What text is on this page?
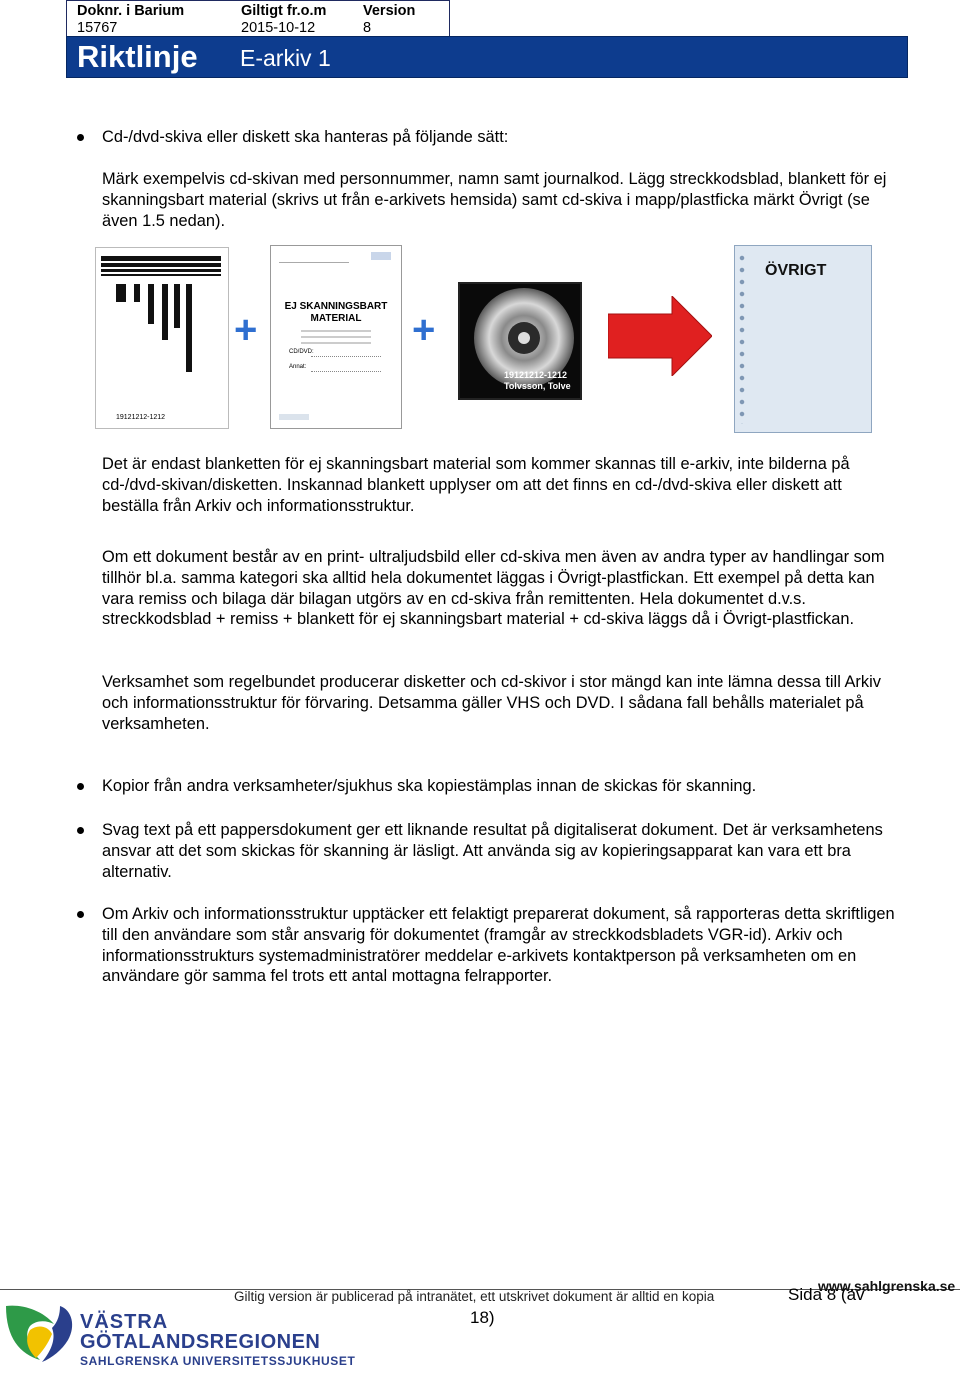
Doknr. i Barium
15767
Giltigt fr.o.m
2015-10-12
Version
8
Riktlinje E-arkiv 1

Cd-/dvd-skiva eller diskett ska hanteras på följande sätt:

Märk exempelvis cd-skivan med personnummer, namn samt journalkod. Lägg streckkodsblad, blankett för ej skanningsbart material (skrivs ut från e-arkivets hemsida) samt cd-skiva i mapp/plastficka märkt Övrigt (se även 1.5 nedan).

19121212-1212
+
EJ SKANNINGSBART
MATERIAL
CD/DVD:
Annat:
+
19121212-1212
Tolvsson, Tolve
ÖVRIGT

Det är endast blanketten för ej skanningsbart material som kommer skannas till e-arkiv, inte bilderna på cd-/dvd-skivan/disketten. Inskannad blankett upplyser om att det finns en cd-/dvd-skiva eller diskett att beställa från Arkiv och informationsstruktur.

Om ett dokument består av en print- ultraljudsbild eller cd-skiva men även av andra typer av handlingar som tillhör bl.a. samma kategori ska alltid hela dokumentet läggas i Övrigt-plastfickan. Ett exempel på detta kan vara remiss och bilaga där bilagan utgörs av en cd-skiva från remittenten. Hela dokumentet d.v.s. streckkodsblad + remiss + blankett för ej skanningsbart material + cd-skiva läggs då i Övrigt-plastfickan.

Verksamhet som regelbundet producerar disketter och cd-skivor i stor mängd kan inte lämna dessa till Arkiv och informationsstruktur för förvaring. Detsamma gäller VHS och DVD. I sådana fall behålls materialet på verksamheten.

Kopior från andra verksamheter/sjukhus ska kopiestämplas innan de skickas för skanning.

Svag text på ett pappersdokument ger ett liknande resultat på digitaliserat dokument. Det är verksamhetens ansvar att det som skickas för skanning är läsligt. Att använda sig av kopieringsapparat kan vara ett bra alternativ.

Om Arkiv och informationsstruktur upptäcker ett felaktigt preparerat dokument, så rapporteras detta skriftligen till den användare som står ansvarig för dokumentet (framgår av streckkodsbladets VGR-id). Arkiv och informationsstrukturs systemadministratörer meddelar e-arkivets kontaktperson på verksamheten om en användare gör samma fel trots ett antal mottagna felrapporter.

Giltig version är publicerad på intranätet, ett utskrivet dokument är alltid en kopia	Sida 8 (av
18)
www.sahlgrenska.se
VÄSTRA
GÖTALANDSREGIONEN
SAHLGRENSKA UNIVERSITETSSJUKHUSET
